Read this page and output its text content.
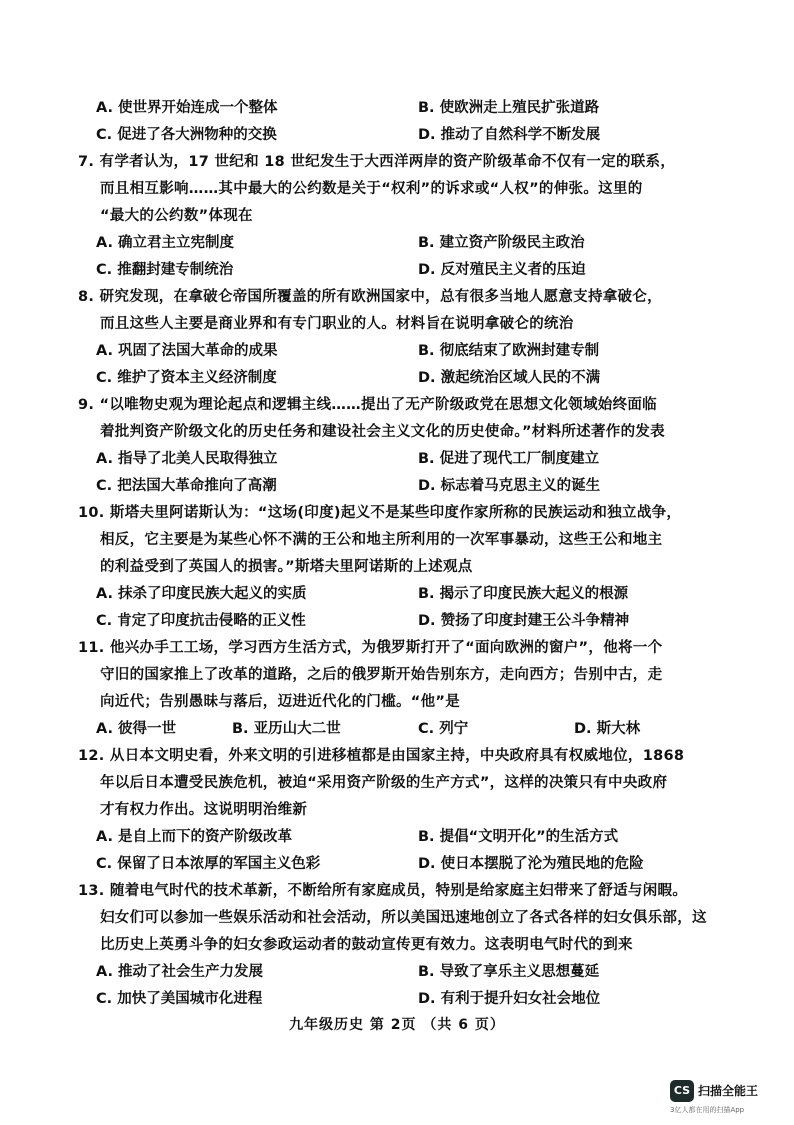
A. 使世界开始连成一个整体	B. 使欧洲走上殖民扩张道路
C. 促进了各大洲物种的交换	D. 推动了自然科学不断发展
7. 有学者认为，17 世纪和 18 世纪发生于大西洋两岸的资产阶级革命不仅有一定的联系，
而且相互影响……其中最大的公约数是关于“权利”的诉求或“人权”的伸张。这里的
“最大的公约数”体现在
A. 确立君主立宪制度	B. 建立资产阶级民主政治
C. 推翻封建专制统治	D. 反对殖民主义者的压迫
8. 研究发现，在拿破仑帝国所覆盖的所有欧洲国家中，总有很多当地人愿意支持拿破仑，
而且这些人主要是商业界和有专门职业的人。材料旨在说明拿破仑的统治
A. 巩固了法国大革命的成果	B. 彻底结束了欧洲封建专制
C. 维护了资本主义经济制度	D. 激起统治区域人民的不满
9. “以唯物史观为理论起点和逻辑主线……提出了无产阶级政党在思想文化领域始终面临
着批判资产阶级文化的历史任务和建设社会主义文化的历史使命。”材料所述著作的发表
A. 指导了北美人民取得独立	B. 促进了现代工厂制度建立
C. 把法国大革命推向了高潮	D. 标志着马克思主义的诞生
10. 斯塔夫里阿诺斯认为：“这场(印度)起义不是某些印度作家所称的民族运动和独立战争，
相反，它主要是为某些心怀不满的王公和地主所利用的一次军事暴动，这些王公和地主
的利益受到了英国人的损害。”斯塔夫里阿诺斯的上述观点
A. 抹杀了印度民族大起义的实质	B. 揭示了印度民族大起义的根源
C. 肯定了印度抗击侵略的正义性	D. 赞扬了印度封建王公斗争精神
11. 他兴办手工工场，学习西方生活方式，为俄罗斯打开了“面向欧洲的窗户”，他将一个
守旧的国家推上了改革的道路，之后的俄罗斯开始告别东方，走向西方；告别中古，走
向近代；告别愚昧与落后，迈进近代化的门槛。“他”是
A. 彼得一世	B. 亚历山大二世	C. 列宁	D. 斯大林
12. 从日本文明史看，外来文明的引进移植都是由国家主持，中央政府具有权威地位，1868
年以后日本遭受民族危机，被迫“采用资产阶级的生产方式”，这样的决策只有中央政府
才有权力作出。这说明明治维新
A. 是自上而下的资产阶级改革	B. 提倡“文明开化”的生活方式
C. 保留了日本浓厚的军国主义色彩	D. 使日本摆脱了沦为殖民地的危险
13. 随着电气时代的技术革新，不断给所有家庭成员，特别是给家庭主妇带来了舒适与闲暇。
妇女们可以参加一些娱乐活动和社会活动，所以美国迅速地创立了各式各样的妇女俱乐部，这
比历史上英勇斗争的妇女参政运动者的鼓动宣传更有效力。这表明电气时代的到来
A. 推动了社会生产力发展	B. 导致了享乐主义思想蔓延
C. 加快了美国城市化进程	D. 有利于提升妇女社会地位
九年级历史 第 2页 （共 6 页）
CS 扫描全能王
3亿人都在用的扫描App
